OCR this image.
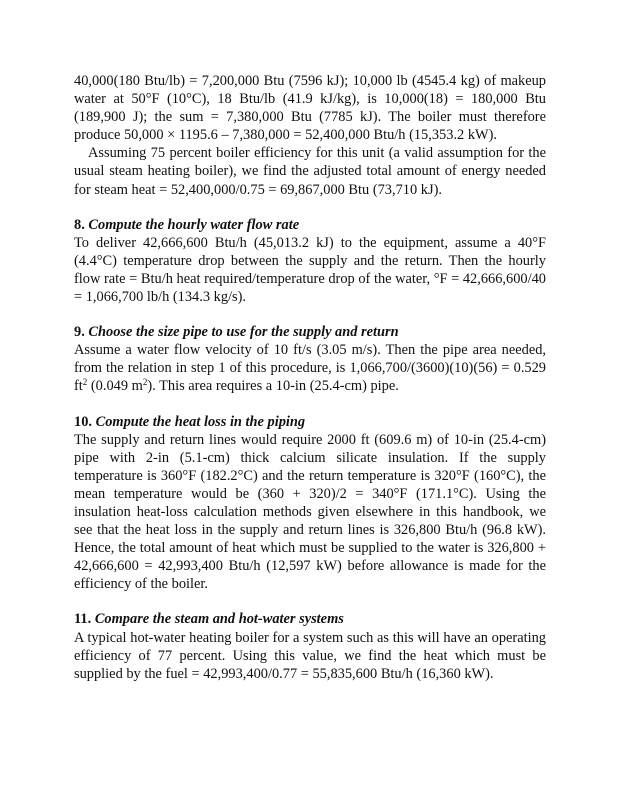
40,000(180 Btu/lb) = 7,200,000 Btu (7596 kJ); 10,000 lb (4545.4 kg) of makeup water at 50°F (10°C), 18 Btu/lb (41.9 kJ/kg), is 10,000(18) = 180,000 Btu (189,900 J); the sum = 7,380,000 Btu (7785 kJ). The boiler must therefore produce 50,000 × 1195.6 – 7,380,000 = 52,400,000 Btu/h (15,353.2 kW).

Assuming 75 percent boiler efficiency for this unit (a valid assumption for the usual steam heating boiler), we find the adjusted total amount of energy needed for steam heat = 52,400,000/0.75 = 69,867,000 Btu (73,710 kJ).

8. Compute the hourly water flow rate

To deliver 42,666,600 Btu/h (45,013.2 kJ) to the equipment, assume a 40°F (4.4°C) temperature drop between the supply and the return. Then the hourly flow rate = Btu/h heat required/temperature drop of the water, °F = 42,666,600/40 = 1,066,700 lb/h (134.3 kg/s).

9. Choose the size pipe to use for the supply and return

Assume a water flow velocity of 10 ft/s (3.05 m/s). Then the pipe area needed, from the relation in step 1 of this procedure, is 1,066,700/(3600)(10)(56) = 0.529 $ft^2$ (0.049 $m^2$). This area requires a 10-in (25.4-cm) pipe.

10. Compute the heat loss in the piping

The supply and return lines would require 2000 ft (609.6 m) of 10-in (25.4-cm) pipe with 2-in (5.1-cm) thick calcium silicate insulation. If the supply temperature is 360°F (182.2°C) and the return temperature is 320°F (160°C), the mean temperature would be (360 + 320)/2 = 340°F (171.1°C). Using the insulation heat-loss calculation methods given elsewhere in this handbook, we see that the heat loss in the supply and return lines is 326,800 Btu/h (96.8 kW). Hence, the total amount of heat which must be supplied to the water is 326,800 + 42,666,600 = 42,993,400 Btu/h (12,597 kW) before allowance is made for the efficiency of the boiler.

11. Compare the steam and hot-water systems

A typical hot-water heating boiler for a system such as this will have an operating efficiency of 77 percent. Using this value, we find the heat which must be supplied by the fuel = 42,993,400/0.77 = 55,835,600 Btu/h (16,360 kW).
